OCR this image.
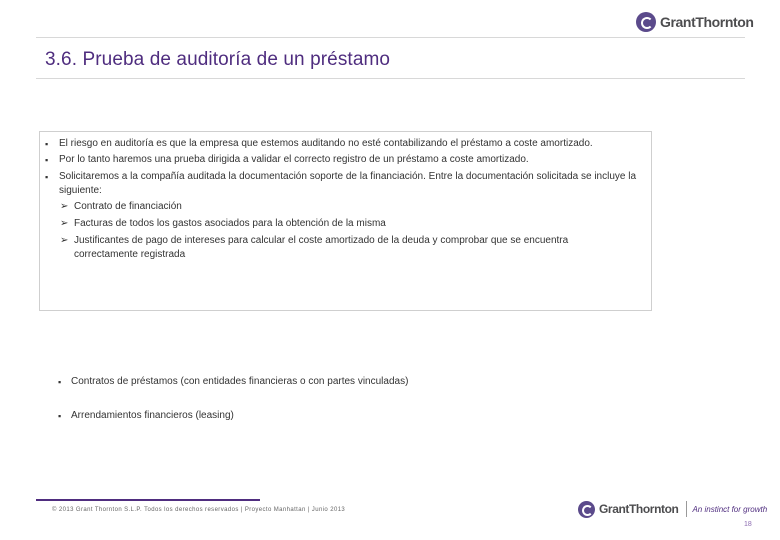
GrantThornton
3.6. Prueba de auditoría de un préstamo
▪ El riesgo en auditoría es que la empresa que estemos auditando no esté contabilizando el préstamo a coste amortizado.
▪ Por lo tanto haremos una prueba dirigida a validar el correcto registro de un préstamo a coste amortizado.
▪ Solicitaremos a la compañía auditada la documentación soporte de la financiación. Entre la documentación solicitada se incluye la siguiente:
➢ Contrato de financiación
➢ Facturas de todos los gastos asociados para la obtención de la misma
➢ Justificantes de pago de intereses para calcular el coste amortizado de la deuda y comprobar que se encuentra correctamente registrada
▪ Contratos de préstamos (con entidades financieras o con partes vinculadas)
▪ Arrendamientos financieros (leasing)
© 2013 Grant Thornton S.L.P. Todos los derechos reservados | Proyecto Manhattan | Junio 2013	GrantThornton An instinct for growth
18
